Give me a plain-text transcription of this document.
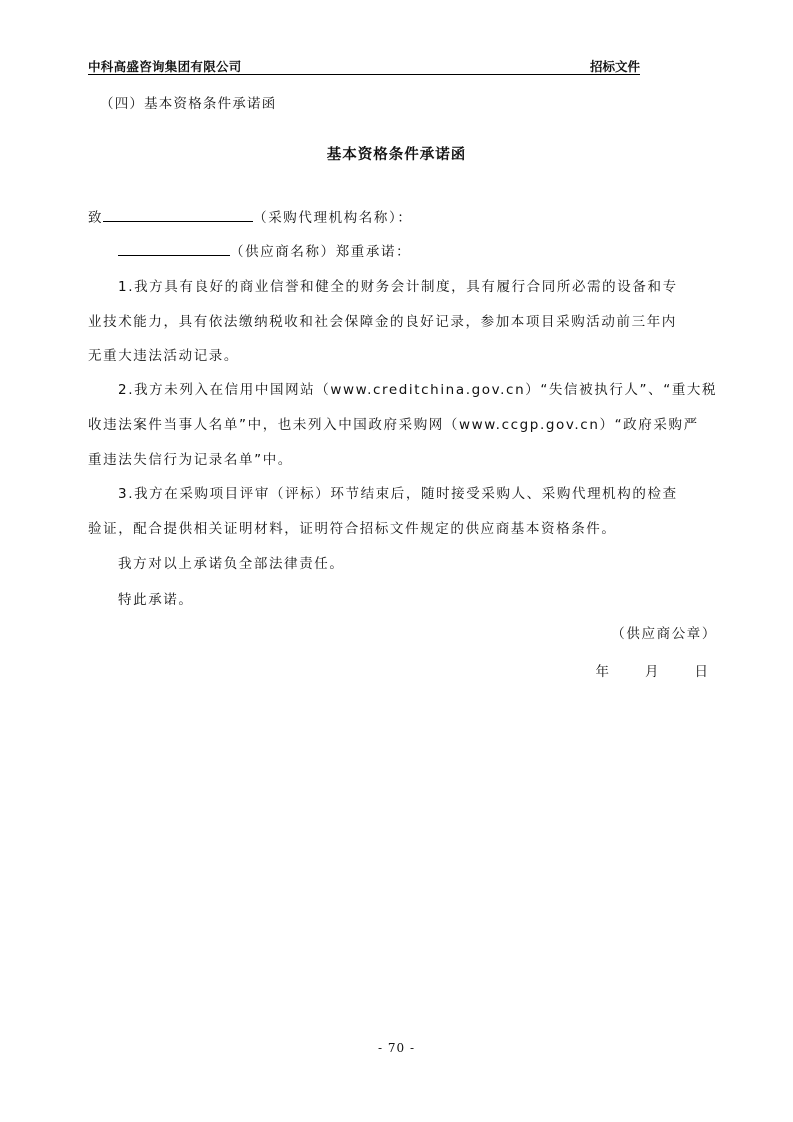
中科高盛咨询集团有限公司	招标文件
（四）基本资格条件承诺函
基本资格条件承诺函
致	（采购代理机构名称）：
（供应商名称）郑重承诺：
1.我方具有良好的商业信誉和健全的财务会计制度，具有履行合同所必需的设备和专
业技术能力，具有依法缴纳税收和社会保障金的良好记录，参加本项目采购活动前三年内
无重大违法活动记录。
2.我方未列入在信用中国网站（www.creditchina.gov.cn）“失信被执行人”、“重大税
收违法案件当事人名单”中，也未列入中国政府采购网（www.ccgp.gov.cn）“政府采购严
重违法失信行为记录名单”中。
3.我方在采购项目评审（评标）环节结束后，随时接受采购人、采购代理机构的检查
验证，配合提供相关证明材料，证明符合招标文件规定的供应商基本资格条件。
我方对以上承诺负全部法律责任。
特此承诺。
（供应商公章）
年　　月　　日
- 70 -
